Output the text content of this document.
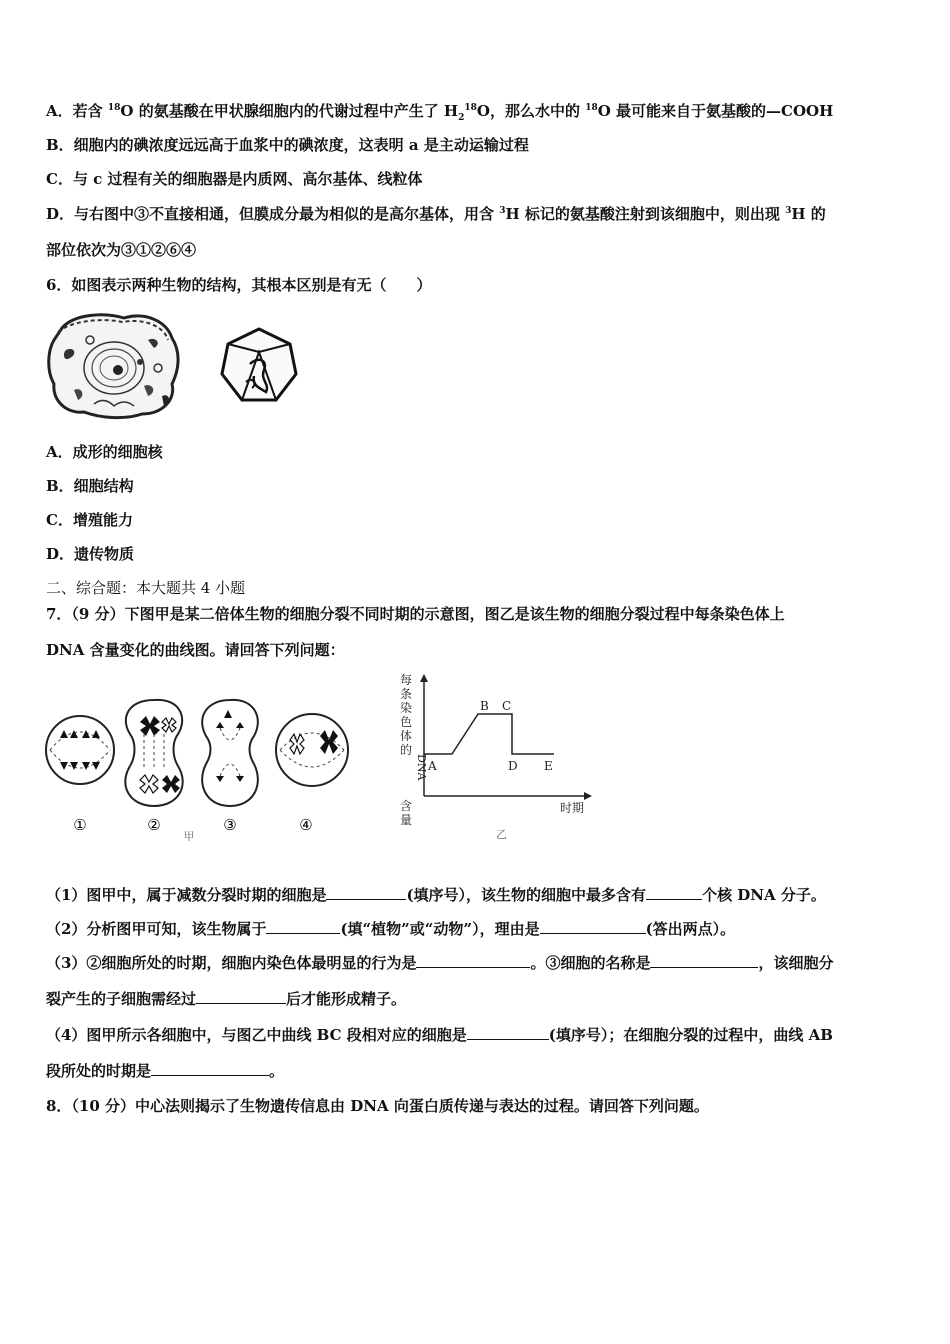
A．若含 $^{18}$O 的氨基酸在甲状腺细胞内的代谢过程中产生了 $H_2^{18}O$，那么水中的 $^{18}$O 最可能来自于氨基酸的—COOH
B．细胞内的碘浓度远远高于血浆中的碘浓度，这表明 a 是主动运输过程
C．与 c 过程有关的细胞器是内质网、高尔基体、线粒体
D．与右图中③不直接相通，但膜成分最为相似的是高尔基体，用含 $^3$H 标记的氨基酸注射到该细胞中，则出现 $^3$H 的
部位依次为③①②⑥④
6．如图表示两种生物的结构，其根本区别是有无（　　）
A．成形的细胞核
B．细胞结构
C．增殖能力
D．遗传物质
二、综合题：本大题共 4 小题
7．（9 分）下图甲是某二倍体生物的细胞分裂不同时期的示意图，图乙是该生物的细胞分裂过程中每条染色体上
DNA 含量变化的曲线图。请回答下列问题：
①	②	③	④
甲
每
条
染
色
体
的
DNA
含
量
A
B C
D E
时期
乙
（1）图甲中，属于减数分裂时期的细胞是	(填序号），该生物的细胞中最多含有	个核 DNA 分子。
（2）分析图甲可知，该生物属于	(填“植物”或“动物”），理由是	(答出两点）。
（3）②细胞所处的时期，细胞内染色体最明显的行为是	。③细胞的名称是	，该细胞分
裂产生的子细胞需经过	后才能形成精子。
（4）图甲所示各细胞中，与图乙中曲线 BC 段相对应的细胞是	(填序号）；在细胞分裂的过程中，曲线 AB
段所处的时期是	。
8．（10 分）中心法则揭示了生物遗传信息由 DNA 向蛋白质传递与表达的过程。请回答下列问题。
